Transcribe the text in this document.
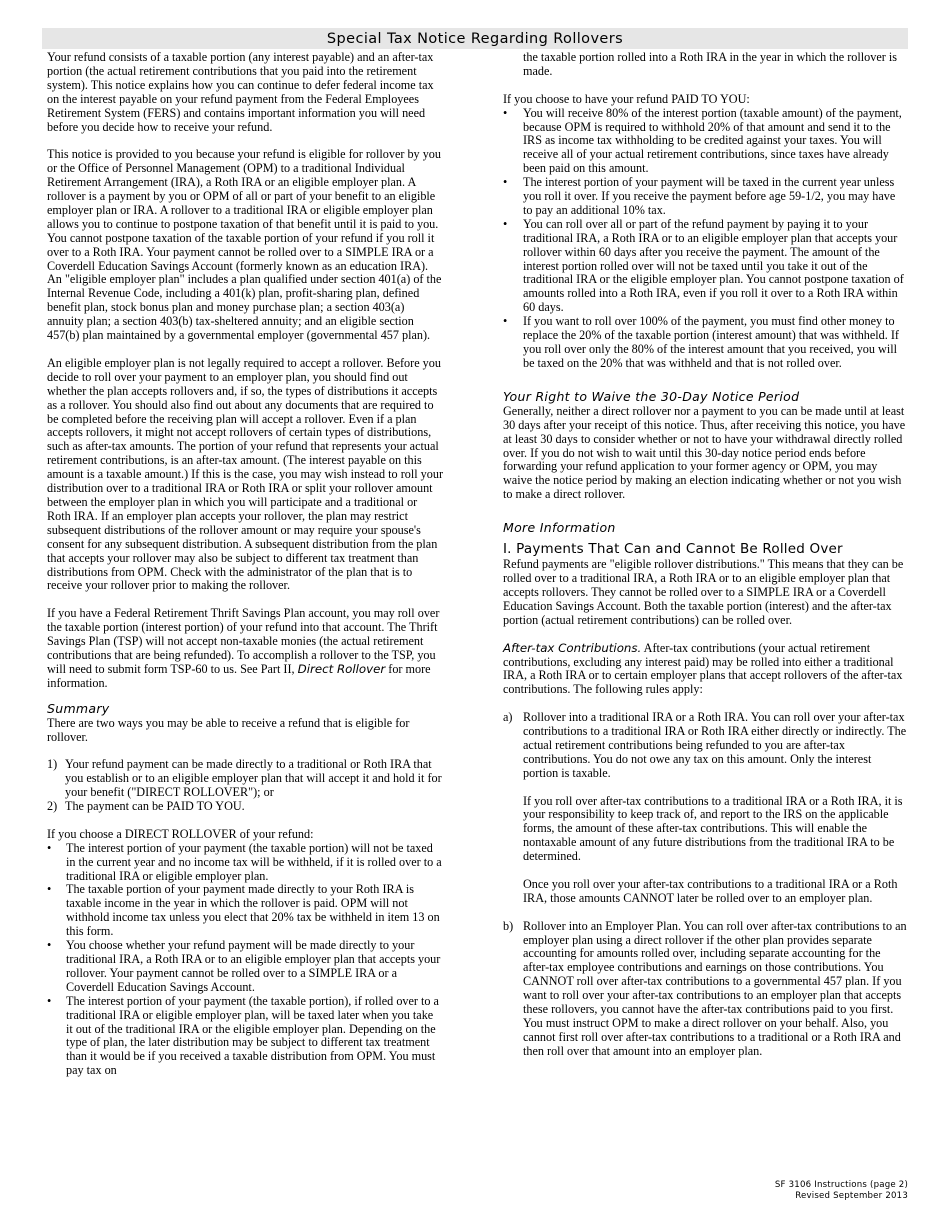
Special Tax Notice Regarding Rollovers

Your refund consists of a taxable portion (any interest payable) and an after-tax portion (the actual retirement contributions that you paid into the retirement system). This notice explains how you can continue to defer federal income tax on the interest payable on your refund payment from the Federal Employees Retirement System (FERS) and contains important information you will need before you decide how to receive your refund.

This notice is provided to you because your refund is eligible for rollover by you or the Office of Personnel Management (OPM) to a traditional Individual Retirement Arrangement (IRA), a Roth IRA or an eligible employer plan. A rollover is a payment by you or OPM of all or part of your benefit to an eligible employer plan or IRA. A rollover to a traditional IRA or eligible employer plan allows you to continue to postpone taxation of that benefit until it is paid to you. You cannot postpone taxation of the taxable portion of your refund if you roll it over to a Roth IRA. Your payment cannot be rolled over to a SIMPLE IRA or a Coverdell Education Savings Account (formerly known as an education IRA). An "eligible employer plan" includes a plan qualified under section 401(a) of the Internal Revenue Code, including a 401(k) plan, profit-sharing plan, defined benefit plan, stock bonus plan and money purchase plan; a section 403(a) annuity plan; a section 403(b) tax-sheltered annuity; and an eligible section 457(b) plan maintained by a governmental employer (governmental 457 plan).

An eligible employer plan is not legally required to accept a rollover. Before you decide to roll over your payment to an employer plan, you should find out whether the plan accepts rollovers and, if so, the types of distributions it accepts as a rollover. You should also find out about any documents that are required to be completed before the receiving plan will accept a rollover. Even if a plan accepts rollovers, it might not accept rollovers of certain types of distributions, such as after-tax amounts. The portion of your refund that represents your actual retirement contributions, is an after-tax amount. (The interest payable on this amount is a taxable amount.) If this is the case, you may wish instead to roll your distribution over to a traditional IRA or Roth IRA or split your rollover amount between the employer plan in which you will participate and a traditional or Roth IRA. If an employer plan accepts your rollover, the plan may restrict subsequent distributions of the rollover amount or may require your spouse's consent for any subsequent distribution. A subsequent distribution from the plan that accepts your rollover may also be subject to different tax treatment than distributions from OPM. Check with the administrator of the plan that is to receive your rollover prior to making the rollover.

If you have a Federal Retirement Thrift Savings Plan account, you may roll over the taxable portion (interest portion) of your refund into that account. The Thrift Savings Plan (TSP) will not accept non-taxable monies (the actual retirement contributions that are being refunded). To accomplish a rollover to the TSP, you will need to submit form TSP-60 to us. See Part II, Direct Rollover for more information.

Summary

There are two ways you may be able to receive a refund that is eligible for rollover.

1) Your refund payment can be made directly to a traditional or Roth IRA that you establish or to an eligible employer plan that will accept it and hold it for your benefit ("DIRECT ROLLOVER"); or
2) The payment can be PAID TO YOU.

If you choose a DIRECT ROLLOVER of your refund:

• The interest portion of your payment (the taxable portion) will not be taxed in the current year and no income tax will be withheld, if it is rolled over to a traditional IRA or eligible employer plan.
• The taxable portion of your payment made directly to your Roth IRA is taxable income in the year in which the rollover is paid. OPM will not withhold income tax unless you elect that 20% tax be withheld in item 13 on this form.
• You choose whether your refund payment will be made directly to your traditional IRA, a Roth IRA or to an eligible employer plan that accepts your rollover. Your payment cannot be rolled over to a SIMPLE IRA or a Coverdell Education Savings Account.
• The interest portion of your payment (the taxable portion), if rolled over to a traditional IRA or eligible employer plan, will be taxed later when you take it out of the traditional IRA or the eligible employer plan. Depending on the type of plan, the later distribution may be subject to different tax treatment than it would be if you received a taxable distribution from OPM. You must pay tax on

the taxable portion rolled into a Roth IRA in the year in which the rollover is made.

If you choose to have your refund PAID TO YOU:

• You will receive 80% of the interest portion (taxable amount) of the payment, because OPM is required to withhold 20% of that amount and send it to the IRS as income tax withholding to be credited against your taxes. You will receive all of your actual retirement contributions, since taxes have already been paid on this amount.
• The interest portion of your payment will be taxed in the current year unless you roll it over. If you receive the payment before age 59-1/2, you may have to pay an additional 10% tax.
• You can roll over all or part of the refund payment by paying it to your traditional IRA, a Roth IRA or to an eligible employer plan that accepts your rollover within 60 days after you receive the payment. The amount of the interest portion rolled over will not be taxed until you take it out of the traditional IRA or the eligible employer plan. You cannot postpone taxation of amounts rolled into a Roth IRA, even if you roll it over to a Roth IRA within 60 days.
• If you want to roll over 100% of the payment, you must find other money to replace the 20% of the taxable portion (interest amount) that was withheld. If you roll over only the 80% of the interest amount that you received, you will be taxed on the 20% that was withheld and that is not rolled over.
Your Right to Waive the 30-Day Notice Period

Generally, neither a direct rollover nor a payment to you can be made until at least 30 days after your receipt of this notice. Thus, after receiving this notice, you have at least 30 days to consider whether or not to have your withdrawal directly rolled over. If you do not wish to wait until this 30-day notice period ends before forwarding your refund application to your former agency or OPM, you may waive the notice period by making an election indicating whether or not you wish to make a direct rollover.

More Information
I. Payments That Can and Cannot Be Rolled Over

Refund payments are "eligible rollover distributions." This means that they can be rolled over to a traditional IRA, a Roth IRA or to an eligible employer plan that accepts rollovers. They cannot be rolled over to a SIMPLE IRA or a Coverdell Education Savings Account. Both the taxable portion (interest) and the after-tax portion (actual retirement contributions) can be rolled over.

After-tax Contributions. After-tax contributions (your actual retirement contributions, excluding any interest paid) may be rolled into either a traditional IRA, a Roth IRA or to certain employer plans that accept rollovers of the after-tax contributions. The following rules apply:

a) Rollover into a traditional IRA or a Roth IRA. You can roll over your after-tax contributions to a traditional IRA or Roth IRA either directly or indirectly. The actual retirement contributions being refunded to you are after-tax contributions. You do not owe any tax on this amount. Only the interest portion is taxable.

If you roll over after-tax contributions to a traditional IRA or a Roth IRA, it is your responsibility to keep track of, and report to the IRS on the applicable forms, the amount of these after-tax contributions. This will enable the nontaxable amount of any future distributions from the traditional IRA to be determined.

Once you roll over your after-tax contributions to a traditional IRA or a Roth IRA, those amounts CANNOT later be rolled over to an employer plan.

b) Rollover into an Employer Plan. You can roll over after-tax contributions to an employer plan using a direct rollover if the other plan provides separate accounting for amounts rolled over, including separate accounting for the after-tax employee contributions and earnings on those contributions. You CANNOT roll over after-tax contributions to a governmental 457 plan. If you want to roll over your after-tax contributions to an employer plan that accepts these rollovers, you cannot have the after-tax contributions paid to you first. You must instruct OPM to make a direct rollover on your behalf. Also, you cannot first roll over after-tax contributions to a traditional or a Roth IRA and then roll over that amount into an employer plan.

SF 3106 Instructions (page 2)
Revised September 2013
